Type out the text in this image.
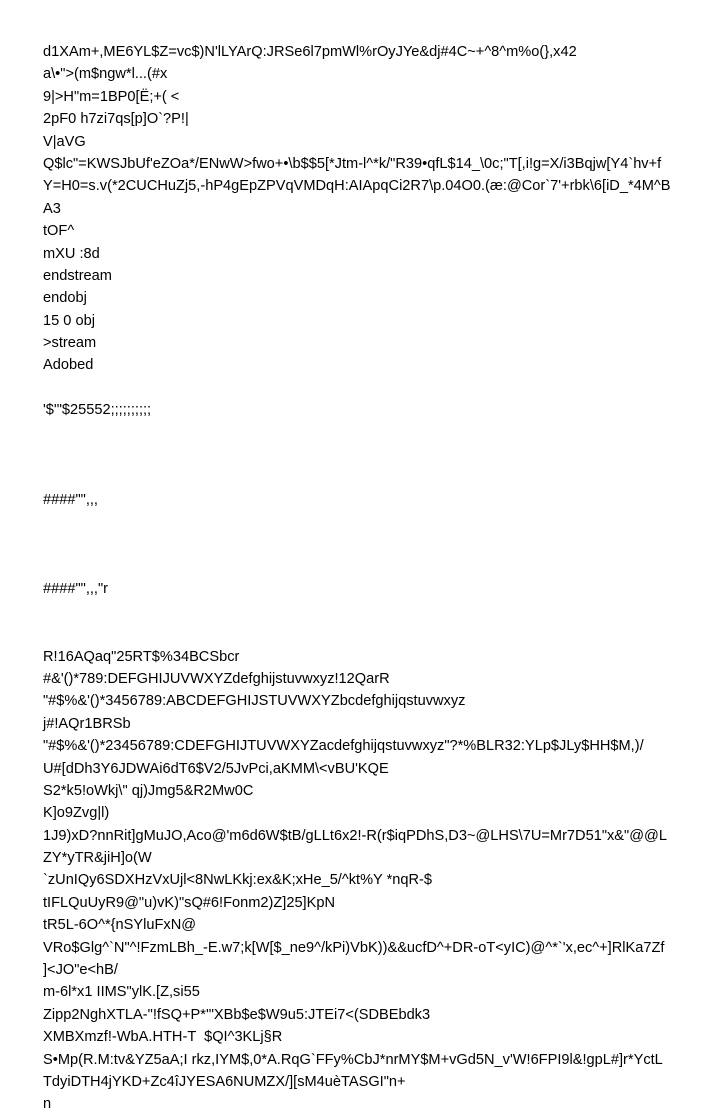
d1XAm+,ME6YL$Z=vc$)N'lLYArQ:JRSe6l7pmWl%rOyJYe&dj#4C~+^8^m%o(},x42
a\•">(m$ngw*l...(#x
9|>H"m=1BP0[Ë;+( <
2pF0 h7zi7qs[p]O`?P!|
V|aVG
Q$lc"=KWSJbUf'eZOa*/ENwW>fwo+•\b$$5[*Jtm-l^*k/"R39•qfL$14_\0c;"T[,i!g=X/i3Bqjw[Y4`hv+f
Y=H0=s.v(*2CUCHuZj5,-hP4gEpZPVqVMDqH:AIApqCi2R7\p.04O0.(æ:@Cor`7'+rbk\6[iD_*4M^B
A3
tOF^
mXU :8d
endstream
endobj
15 0 obj
>stream
Adobed
'$'"$25552;;;;;;;;;;
####"",,,
####"",,,"r
R!16AQaq"25RT$%34BCSbcr
#&'()*789:DEFGHIJUVWXYZdefghijstuvwxyz!12QarR
"#$%&'()*3456789:ABCDEFGHIJSTUVWXYZbcdefghijqstuvwxyz
j#!AQr1BRSb
"#$%&'()*23456789:CDEFGHIJTUVWXYZacdefghijqstuvwxyz"?*%BLR32:YLp$JLy$HH$M,)/
U#[dDh3Y6JDWAi6dT6$V2/5JvPci,aKMM\<vBU'KQE
S2*k5!oWkj\" qj)Jmg5&R2Mw0C
K]o9Zvg|l)
1J9)xD?nnRit]gMuJO,Aco@'m6d6W$tB/gLLt6x2!-R(r$iqPDhS,D3~@LHS\7U=Mr7D51"x&"@@L
ZY*yTR&jiH]o(W
`zUnIQy6SDXHzVxUjl<8NwLKkj:ex&K;xHe_5/^kt%Y *nqR-$
tIFLQuUyR9@"u)vK)"sQ#6!Fonm2)Z]25]KpN
tR5L-6O^*{nSYluFxN@
VRo$Glg^`N"^!FzmLBh_-E.w7;k[W[$_ne9^/kPi)VbK))&&ucfD^+DR-oT<yIC)@^*`'x,ec^+]RlKa7Zf
]<JO"e<hB/
m-6l*x1 IIMS"ylK.[Z,si55
Zipp2NghXTLA-"!fSQ+P*'"XBb$e$W9u5:JTEi7<(SDBEbdk3
XMBXmzf!-WbA.HTH-T  $QI^3KLj§R
S•Mp(R.M:tv&YZ5aA;I rkz,IYM$,0*A.RqG`FFy%CbJ*nrMY$M+vGd5N_v'W!6FPI9l&!gpL#]r*YctL
TdyiDTH4jYKD+Zc4îJYESA6NUMZX/][sM4uèTASGI"n+
n
